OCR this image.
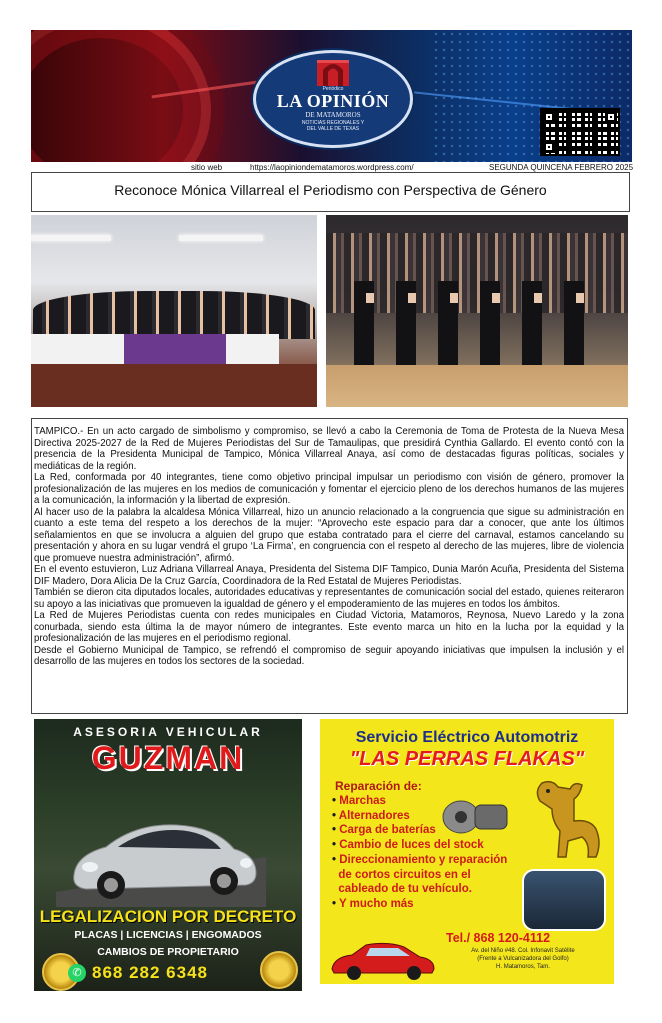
Periódico
LA OPINIÓN
DE MATAMOROS
NOTICIAS REGIONALES Y
DEL VALLE DE TEXAS
sitio web	https://laopiniondematamoros.wordpress.com/	SEGUNDA QUINCENA FEBRERO 2025
Reconoce Mónica Villarreal el Periodismo con Perspectiva de Género

TAMPICO.- En un acto cargado de simbolismo y compromiso, se llevó a cabo la Ceremonia de Toma de Protesta de la Nueva Mesa Directiva 2025-2027 de la Red de Mujeres Periodistas del Sur de Tamaulipas, que presidirá Cynthia Gallardo. El evento contó con la presencia de la Presidenta Municipal de Tampico, Mónica Villarreal Anaya, así como de destacadas figuras políticas, sociales y mediáticas de la región.

La Red, conformada por 40 integrantes, tiene como objetivo principal impulsar un periodismo con visión de género, promover la profesionalización de las mujeres en los medios de comunicación y fomentar el ejercicio pleno de los derechos humanos de las mujeres a la comunicación, la información y la libertad de expresión.

Al hacer uso de la palabra la alcaldesa Mónica Villarreal, hizo un anuncio relacionado a la congruencia que sigue su administración en cuanto a este tema del respeto a los derechos de la mujer: “Aprovecho este espacio para dar a conocer, que ante los últimos señalamientos en que se involucra a alguien del grupo que estaba contratado para el cierre del carnaval, estamos cancelando su presentación y ahora en su lugar vendrá el grupo ‘La Firma’, en congruencia con el respeto al derecho de las mujeres, libre de violencia que promueve nuestra administración”, afirmó.

En el evento estuvieron, Luz Adriana Villarreal Anaya, Presidenta del Sistema DIF Tampico, Dunia Marón Acuña, Presidenta del Sistema DIF Madero, Dora Alicia De la Cruz García, Coordinadora de la Red Estatal de Mujeres Periodistas.

También se dieron cita diputados locales, autoridades educativas y representantes de comunicación social del estado, quienes reiteraron su apoyo a las iniciativas que promueven la igualdad de género y el empoderamiento de las mujeres en todos los ámbitos.

La Red de Mujeres Periodistas cuenta con redes municipales en Ciudad Victoria, Matamoros, Reynosa, Nuevo Laredo y la zona conurbada, siendo esta última la de mayor número de integrantes. Este evento marca un hito en la lucha por la equidad y la profesionalización de las mujeres en el periodismo regional.

Desde el Gobierno Municipal de Tampico, se refrendó el compromiso de seguir apoyando iniciativas que impulsen la inclusión y el desarrollo de las mujeres en todos los sectores de la sociedad.

ASESORIA VEHICULAR
GUZMAN
LEGALIZACION POR DECRETO
PLACAS | LICENCIAS | ENGOMADOS
CAMBIOS DE PROPIETARIO
✆ 868 282 6348
Servicio Eléctrico Automotriz
"LAS PERRAS FLAKAS"
Reparación de:
• Marchas
• Alternadores
• Carga de baterías
• Cambio de luces del stock
• Direccionamiento y reparación
de cortos circuitos en el
cableado de tu vehículo.
• Y mucho más
Tel./ 868 120-4112
Av. del Niño #48. Col. Infonavit Satélite
(Frente a Vulcanizadora del Golfo)
H. Matamoros, Tam.
